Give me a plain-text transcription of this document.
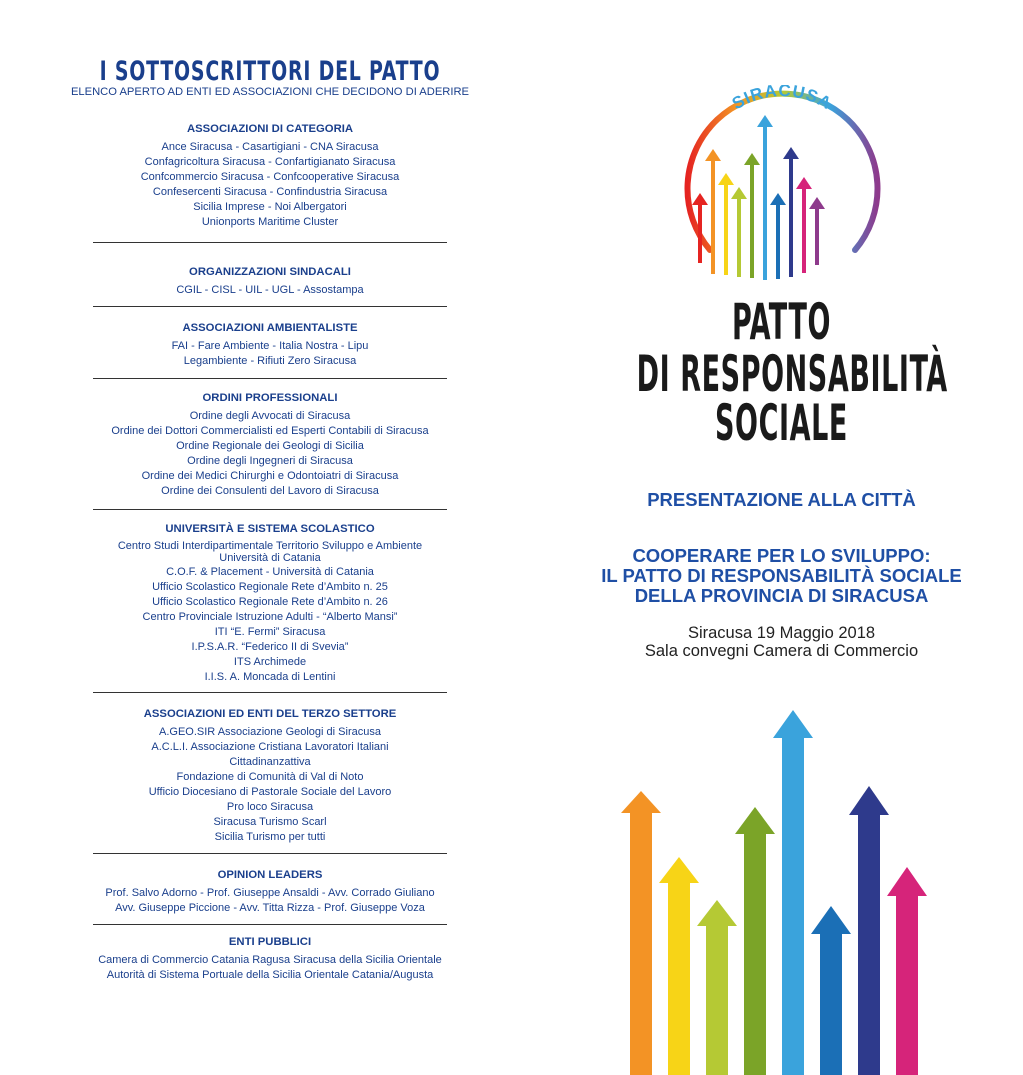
I SOTTOSCRITTORI DEL PATTO
ELENCO APERTO AD ENTI ED ASSOCIAZIONI CHE DECIDONO DI ADERIRE
ASSOCIAZIONI DI CATEGORIA
Ance Siracusa - Casartigiani - CNA Siracusa
Confagricoltura Siracusa - Confartigianato Siracusa
Confcommercio Siracusa - Confcooperative Siracusa
Confesercenti Siracusa - Confindustria Siracusa
Sicilia Imprese - Noi Albergatori
Unionports Maritime Cluster
ORGANIZZAZIONI SINDACALI
CGIL - CISL - UIL - UGL - Assostampa
ASSOCIAZIONI AMBIENTALISTE
FAI - Fare Ambiente - Italia Nostra - Lipu
Legambiente - Rifiuti Zero Siracusa
ORDINI PROFESSIONALI
Ordine degli Avvocati di Siracusa
Ordine dei Dottori Commercialisti ed Esperti Contabili di Siracusa
Ordine Regionale dei Geologi di Sicilia
Ordine degli Ingegneri di Siracusa
Ordine dei Medici Chirurghi e Odontoiatri di Siracusa
Ordine dei Consulenti del Lavoro di Siracusa
UNIVERSITÀ E SISTEMA SCOLASTICO
Centro Studi Interdipartimentale Territorio Sviluppo e Ambiente
Università di Catania
C.O.F. & Placement - Università di Catania
Ufficio Scolastico Regionale Rete d’Ambito n. 25
Ufficio Scolastico Regionale Rete d’Ambito n. 26
Centro Provinciale Istruzione Adulti - “Alberto Mansi”
ITI “E. Fermi” Siracusa
I.P.S.A.R. “Federico II di Svevia”
ITS Archimede
I.I.S. A. Moncada di Lentini
ASSOCIAZIONI ED ENTI DEL TERZO SETTORE
A.GEO.SIR Associazione Geologi di Siracusa
A.C.L.I. Associazione Cristiana Lavoratori Italiani
Cittadinanzattiva
Fondazione di Comunità di Val di Noto
Ufficio Diocesiano di Pastorale Sociale del Lavoro
Pro loco Siracusa
Siracusa Turismo Scarl
Sicilia Turismo per tutti
OPINION LEADERS
Prof. Salvo Adorno - Prof. Giuseppe Ansaldi - Avv. Corrado Giuliano
Avv. Giuseppe Piccione - Avv. Titta Rizza - Prof. Giuseppe Voza
ENTI PUBBLICI
Camera di Commercio Catania Ragusa Siracusa della Sicilia Orientale
Autorità di Sistema Portuale della Sicilia Orientale Catania/Augusta
SIRACUSA
PATTO
DI RESPONSABILITÀ
SOCIALE
PRESENTAZIONE ALLA CITTÀ
COOPERARE PER LO SVILUPPO:
IL PATTO DI RESPONSABILITÀ SOCIALE
DELLA PROVINCIA DI SIRACUSA
Siracusa 19 Maggio 2018
Sala convegni Camera di Commercio
